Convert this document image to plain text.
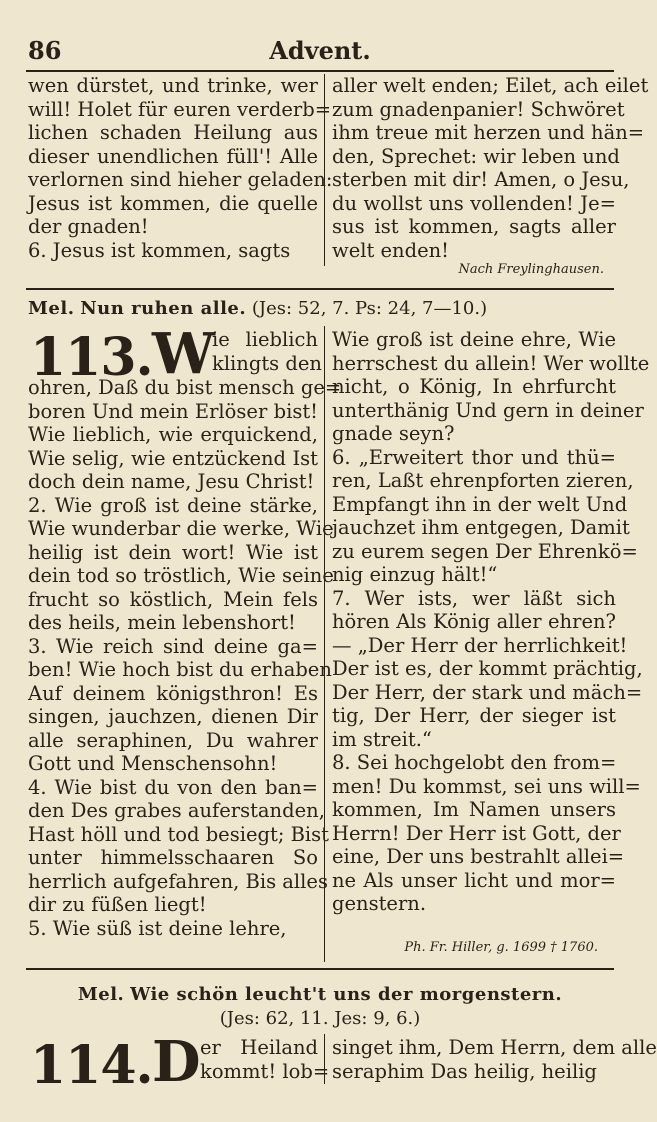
86	Advent.
wen dürstet, und trinke, wer
will! Holet für euren verderb=
lichen schaden Heilung aus
dieser unendlichen füll'! Alle
verlornen sind hieher geladen:
Jesus ist kommen, die quelle
der gnaden!
6. Jesus ist kommen, sagts
aller welt enden; Eilet, ach eilet
zum gnadenpanier! Schwöret
ihm treue mit herzen und hän=
den, Sprechet: wir leben und
sterben mit dir! Amen, o Jesu,
du wollst uns vollenden! Je=
sus ist kommen, sagts aller
welt enden!
Nach Freylinghausen.
Mel. Nun ruhen alle. (Jes: 52, 7. Ps: 24, 7—10.)
113. W
ie lieblich
klingts den
ohren, Daß du bist mensch ge=
boren Und mein Erlöser bist!
Wie lieblich, wie erquickend,
Wie selig, wie entzückend Ist
doch dein name, Jesu Christ!
2. Wie groß ist deine stärke,
Wie wunderbar die werke, Wie
heilig ist dein wort! Wie ist
dein tod so tröstlich, Wie seine
frucht so köstlich, Mein fels
des heils, mein lebenshort!
3. Wie reich sind deine ga=
ben! Wie hoch bist du erhaben
Auf deinem königsthron! Es
singen, jauchzen, dienen Dir
alle seraphinen, Du wahrer
Gott und Menschensohn!
4. Wie bist du von den ban=
den Des grabes auferstanden,
Hast höll und tod besiegt; Bist
unter himmelsschaaren So
herrlich aufgefahren, Bis alles
dir zu füßen liegt!
5. Wie süß ist deine lehre,
Wie groß ist deine ehre, Wie
herrschest du allein! Wer wollte
nicht, o König, In ehrfurcht
unterthänig Und gern in deiner
gnade seyn?
6. „Erweitert thor und thü=
ren, Laßt ehrenpforten zieren,
Empfangt ihn in der welt Und
jauchzet ihm entgegen, Damit
zu eurem segen Der Ehrenkö=
nig einzug hält!“
7. Wer ists, wer läßt sich
hören Als König aller ehren?
— „Der Herr der herrlichkeit!
Der ist es, der kommt prächtig,
Der Herr, der stark und mäch=
tig, Der Herr, der sieger ist
im streit.“
8. Sei hochgelobt den from=
men! Du kommst, sei uns will=
kommen, Im Namen unsers
Herrn! Der Herr ist Gott, der
eine, Der uns bestrahlt allei=
ne Als unser licht und mor=
genstern.
Ph. Fr. Hiller, g. 1699 † 1760.
Mel. Wie schön leucht't uns der morgenstern.
(Jes: 62, 11. Jes: 9, 6.)
114. D er Heiland
kommt! lob=
singet ihm, Dem Herrn, dem alle
seraphim Das heilig, heilig
